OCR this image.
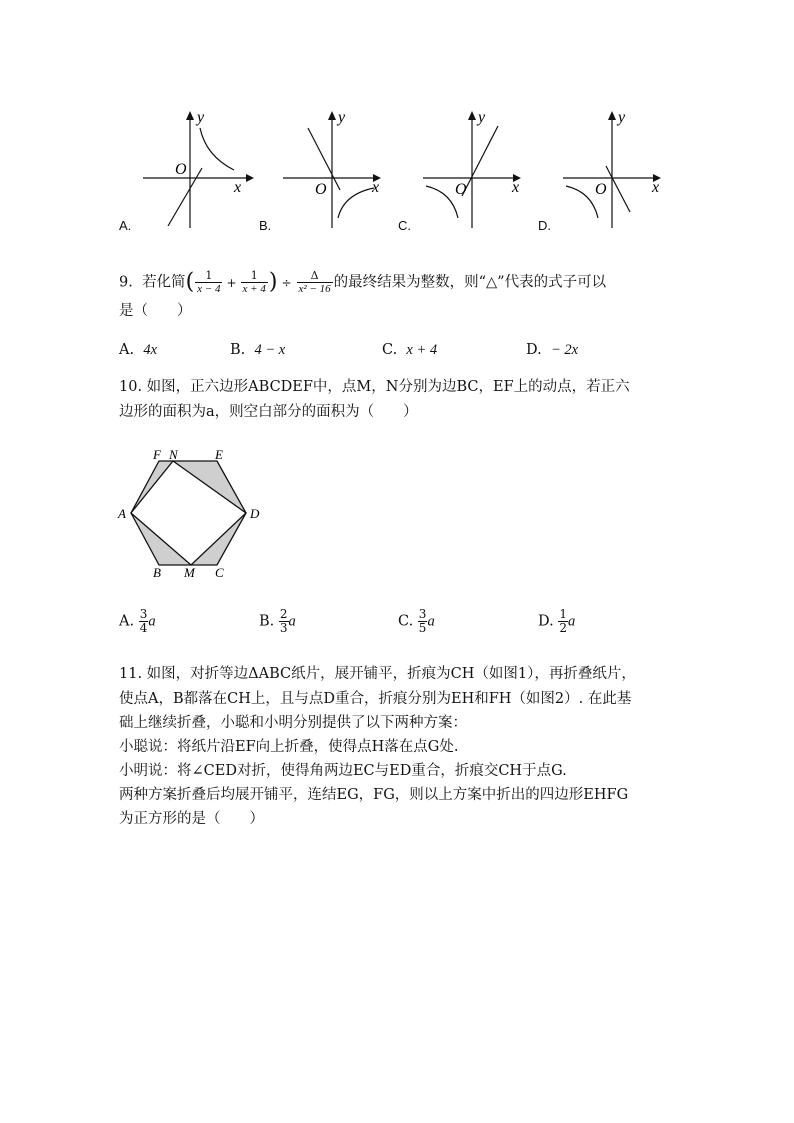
y
x
O
A.
y
x
O
B.
y
x
O
C.
y
x
O
D.
9. 若化简( $\frac{1}{x - 4} + \frac{1}{x + 4}$ ) ÷ $\frac{\Delta}{\text{x² − 16}}$ 的最终结果为整数，则“△”代表的式子可以
是（　　）
A. 4x	B. 4 − x	C. x + 4	D. − 2x
10. 如图，正六边形ABCDEF中，点M，N分别为边BC，EF上的动点，若正六
边形的面积为a，则空白部分的面积为（　　）
F N	E
A	D
B M C
A. $\frac{3}{4}$ a	B. $\frac{2}{3}$ a	C. $\frac{3}{5}$ a	D. $\frac{1}{2}$ a
11. 如图，对折等边ΔABC纸片，展开铺平，折痕为CH（如图1），再折叠纸片，
使点A，B都落在CH上，且与点D重合，折痕分别为EH和FH（如图2）. 在此基
础上继续折叠，小聪和小明分别提供了以下两种方案：
小聪说：将纸片沿EF向上折叠，使得点H落在点G处.
小明说：将∠CED对折，使得角两边EC与ED重合，折痕交CH于点G.
两种方案折叠后均展开铺平，连结EG，FG，则以上方案中折出的四边形EHFG
为正方形的是（　　）
